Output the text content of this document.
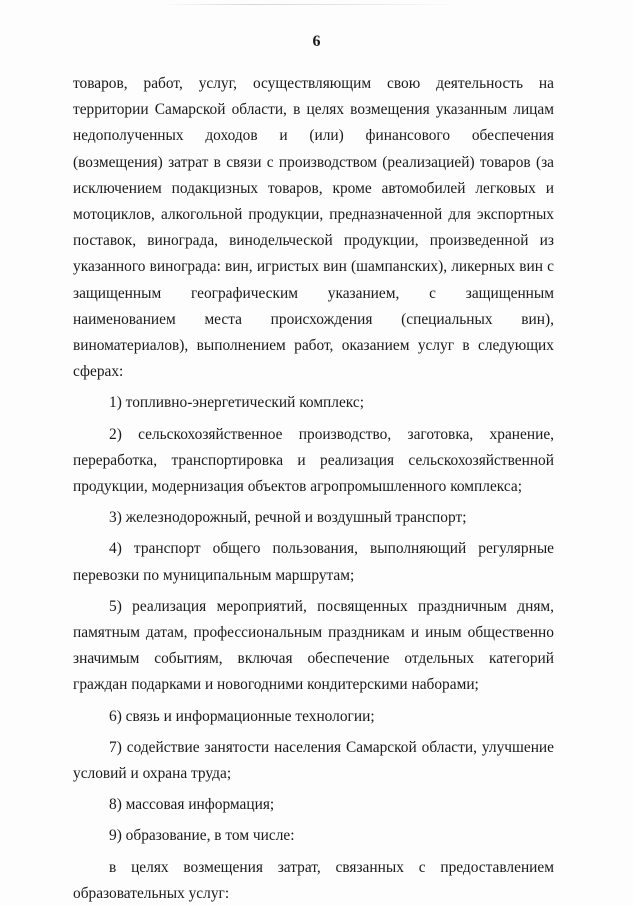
6

товаров, работ, услуг, осуществляющим свою деятельность на территории Самарской области, в целях возмещения указанным лицам недополученных доходов и (или) финансового обеспечения (возмещения) затрат в связи с производством (реализацией) товаров (за исключением подакцизных товаров, кроме автомобилей легковых и мотоциклов, алкогольной продукции, предназначенной для экспортных поставок, винограда, винодельческой продукции, произведенной из указанного винограда: вин, игристых вин (шампанских), ликерных вин с защищенным географическим указанием, с защищенным наименованием места происхождения (специальных вин), виноматериалов), выполнением работ, оказанием услуг в следующих сферах:

1) топливно-энергетический комплекс;

2) сельскохозяйственное производство, заготовка, хранение, переработка, транспортировка и реализация сельскохозяйственной продукции, модернизация объектов агропромышленного комплекса;

3) железнодорожный, речной и воздушный транспорт;

4) транспорт общего пользования, выполняющий регулярные перевозки по муниципальным маршрутам;

5) реализация мероприятий, посвященных праздничным дням, памятным датам, профессиональным праздникам и иным общественно значимым событиям, включая обеспечение отдельных категорий граждан подарками и новогодними кондитерскими наборами;

6) связь и информационные технологии;

7) содействие занятости населения Самарской области, улучшение условий и охрана труда;

8) массовая информация;

9) образование, в том числе:

в целях возмещения затрат, связанных с предоставлением образовательных услуг:
